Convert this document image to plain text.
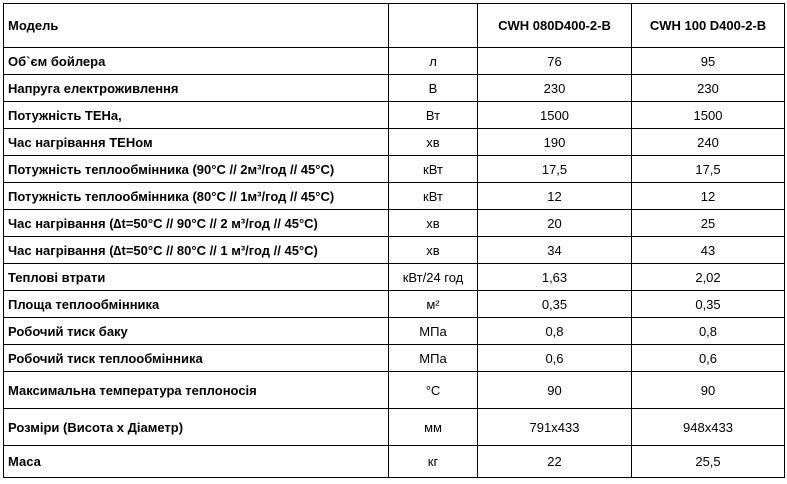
Модель		CWH 080D400-2-B	CWH 100 D400-2-B
Об`єм бойлера	л	76	95
Напруга електроживлення	В	230	230
Потужність ТЕНа,	Вт	1500	1500
Час нагрівання ТЕНом	хв	190	240
Потужність теплообмінника (90°С // 2м³/год // 45°С)	кВт	17,5	17,5
Потужність теплообмінника (80°С // 1м³/год // 45°С)	кВт	12	12
Час нагрівання (∆t=50°С // 90°С // 2 м³/год // 45°С)	хв	20	25
Час нагрівання (∆t=50°С // 80°С // 1 м³/год // 45°С)	хв	34	43
Теплові втрати	кВт/24 год	1,63	2,02
Площа теплообмінника	м²	0,35	0,35
Робочий тиск баку	МПа	0,8	0,8
Робочий тиск теплообмінника	МПа	0,6	0,6
Максимальна температура теплоносія	°С	90	90
Розміри (Висота х Діаметр)	мм	791x433	948x433
Маса	кг	22	25,5
